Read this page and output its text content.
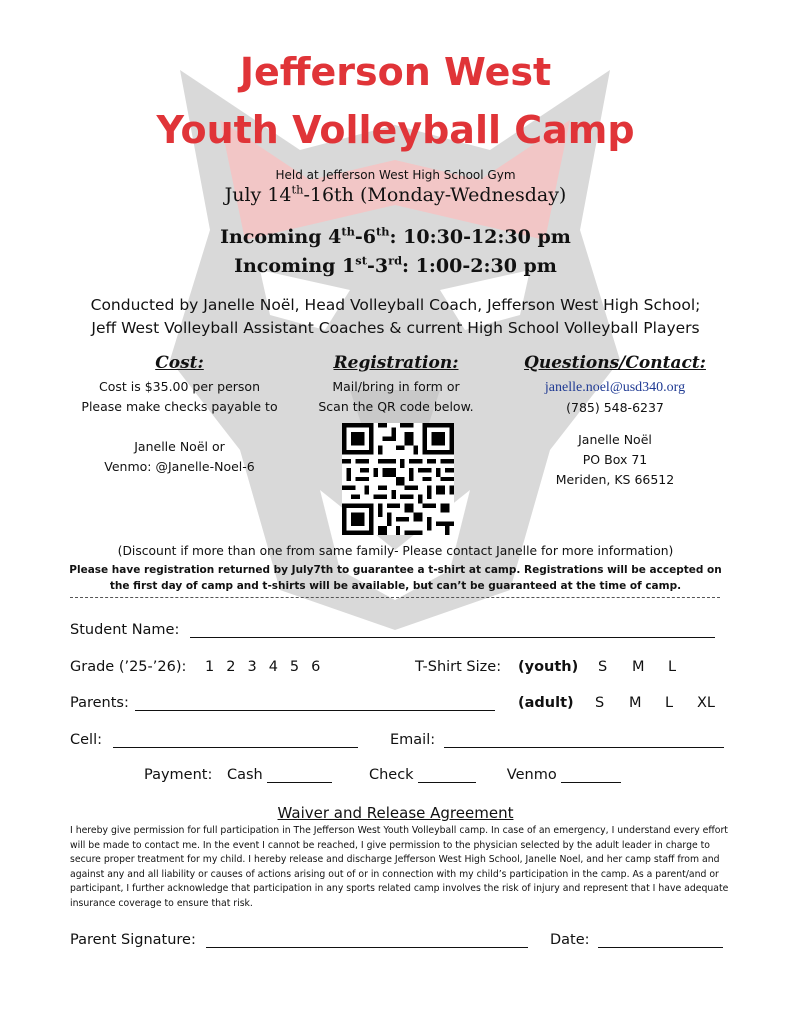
Jefferson West
Youth Volleyball Camp
Held at Jefferson West High School Gym
July 14th-16th (Monday-Wednesday)
Incoming 4th-6th: 10:30-12:30 pm
Incoming 1st-3rd: 1:00-2:30 pm
Conducted by Janelle Noël, Head Volleyball Coach, Jefferson West High School;
Jeff West Volleyball Assistant Coaches & current High School Volleyball Players
Cost:
Cost is $35.00 per person
Please make checks payable to
Janelle Noël or
Venmo: @Janelle-Noel-6
Registration:
Mail/bring in form or
Scan the QR code below.
Questions/Contact:
janelle.noel@usd340.org
(785) 548-6237
Janelle Noël
PO Box 71
Meriden, KS 66512
(Discount if more than one from same family- Please contact Janelle for more information)
Please have registration returned by July7th to guarantee a t-shirt at camp. Registrations will be accepted on the first day of camp and t-shirts will be available, but can’t be guaranteed at the time of camp.
Student Name:
Grade (’25-’26): 1 2 3 4 5 6	T-Shirt Size: (youth) S M L
Parents:	(adult) S M L XL
Cell:	Email:
Payment: Cash	Check	Venmo
Waiver and Release Agreement
I hereby give permission for full participation in The Jefferson West Youth Volleyball camp. In case of an emergency, I understand every effort will be made to contact me. In the event I cannot be reached, I give permission to the physician selected by the adult leader in charge to secure proper treatment for my child. I hereby release and discharge Jefferson West High School, Janelle Noel, and her camp staff from and against any and all liability or causes of actions arising out of or in connection with my child’s participation in the camp. As a parent/and or participant, I further acknowledge that participation in any sports related camp involves the risk of injury and represent that I have adequate insurance coverage to ensure that risk.
Parent Signature:	Date:
